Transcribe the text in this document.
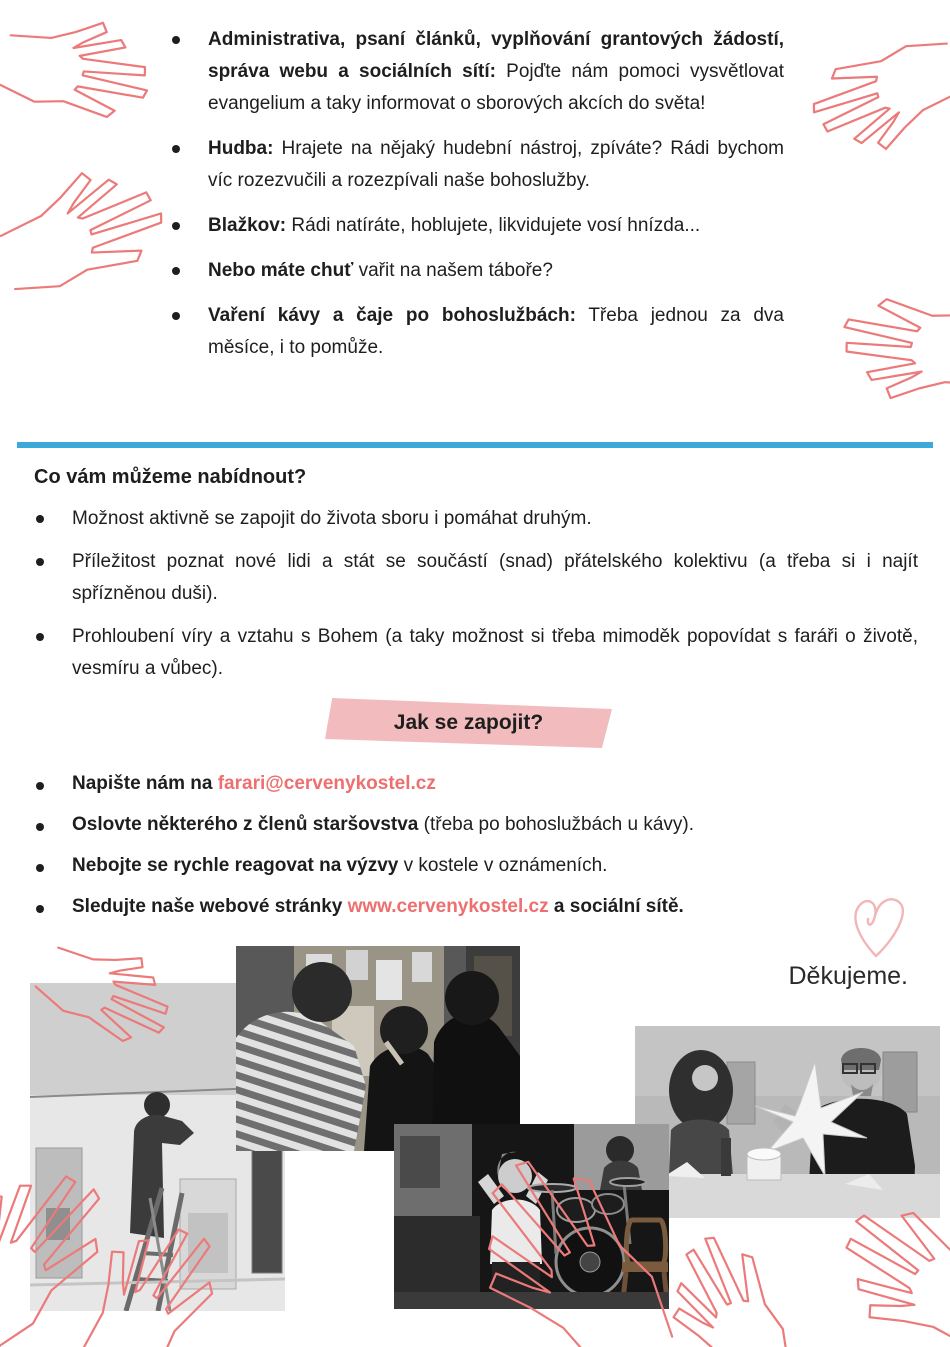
Administrativa, psaní článků, vyplňování grantových žádostí, správa webu a sociálních sítí: Pojďte nám pomoci vysvětlovat evangelium a taky informovat o sborových akcích do světa!
Hudba: Hrajete na nějaký hudební nástroj, zpíváte? Rádi bychom víc rozezvučili a rozezpívali naše bohoslužby.
Blažkov: Rádi natíráte, hoblujete, likvidujete vosí hnízda...
Nebo máte chuť vařit na našem táboře?
Vaření kávy a čaje po bohoslužbách: Třeba jednou za dva měsíce, i to pomůže.
Co vám můžeme nabídnout?
Možnost aktivně se zapojit do života sboru i pomáhat druhým.
Příležitost poznat nové lidi a stát se součástí (snad) přátelského kolektivu (a třeba si i najít spřízněnou duši).
Prohloubení víry a vztahu s Bohem (a taky možnost si třeba mimoděk popovídat s faráři o životě, vesmíru a vůbec).
Jak se zapojit?
Napište nám na farari@cervenykostel.cz
Oslovte některého z členů staršovstva (třeba po bohoslužbách u kávy).
Nebojte se rychle reagovat na výzvy v kostele v oznámeních.
Sledujte naše webové stránky www.cervenykostel.cz a sociální sítě.
Děkujeme.
